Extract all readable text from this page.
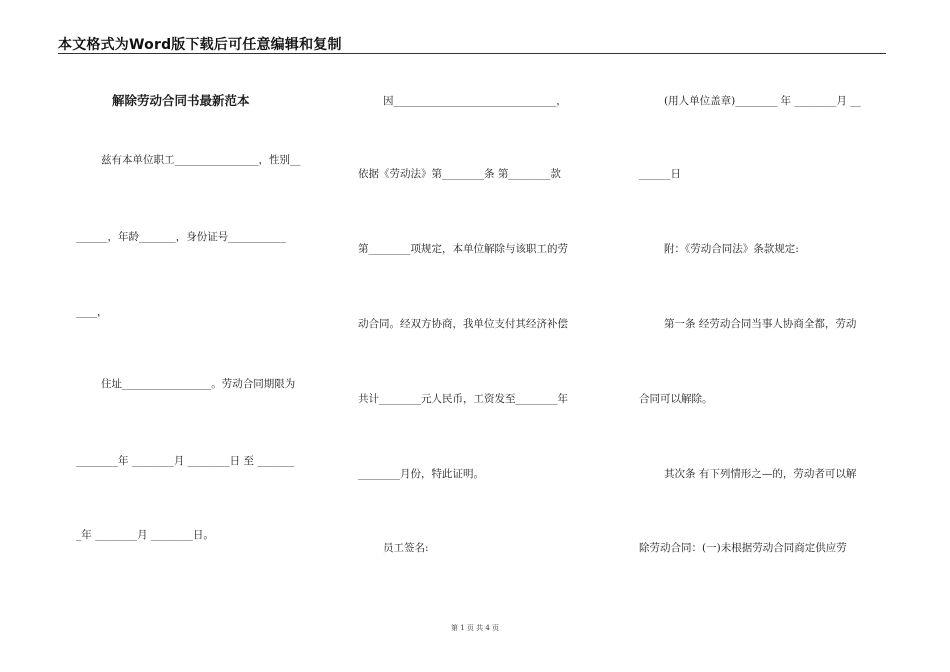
本文格式为Word版下载后可任意编辑和复制
解除劳动合同书最新范本
兹有本单位职工________________，性别__
______，年龄_______，身份证号___________
____，
住址_________________。劳动合同期限为
________年 ________月 ________日 至 _______
_年 ________月 ________日。
因_______________________________，
依据《劳动法》第________条 第________款
第________项规定，本单位解除与该职工的劳
动合同。经双方协商，我单位支付其经济补偿
共计________元人民币，工资发至________年
________月份，特此证明。
员工签名:
(用人单位盖章)________ 年 ________月 __
______日
附：《劳动合同法》条款规定:
第一条 经劳动合同当事人协商全都，劳动
合同可以解除。
其次条 有下列情形之—的，劳动者可以解
除劳动合同：(一)未根据劳动合同商定供应劳
第 1 页 共 4 页
